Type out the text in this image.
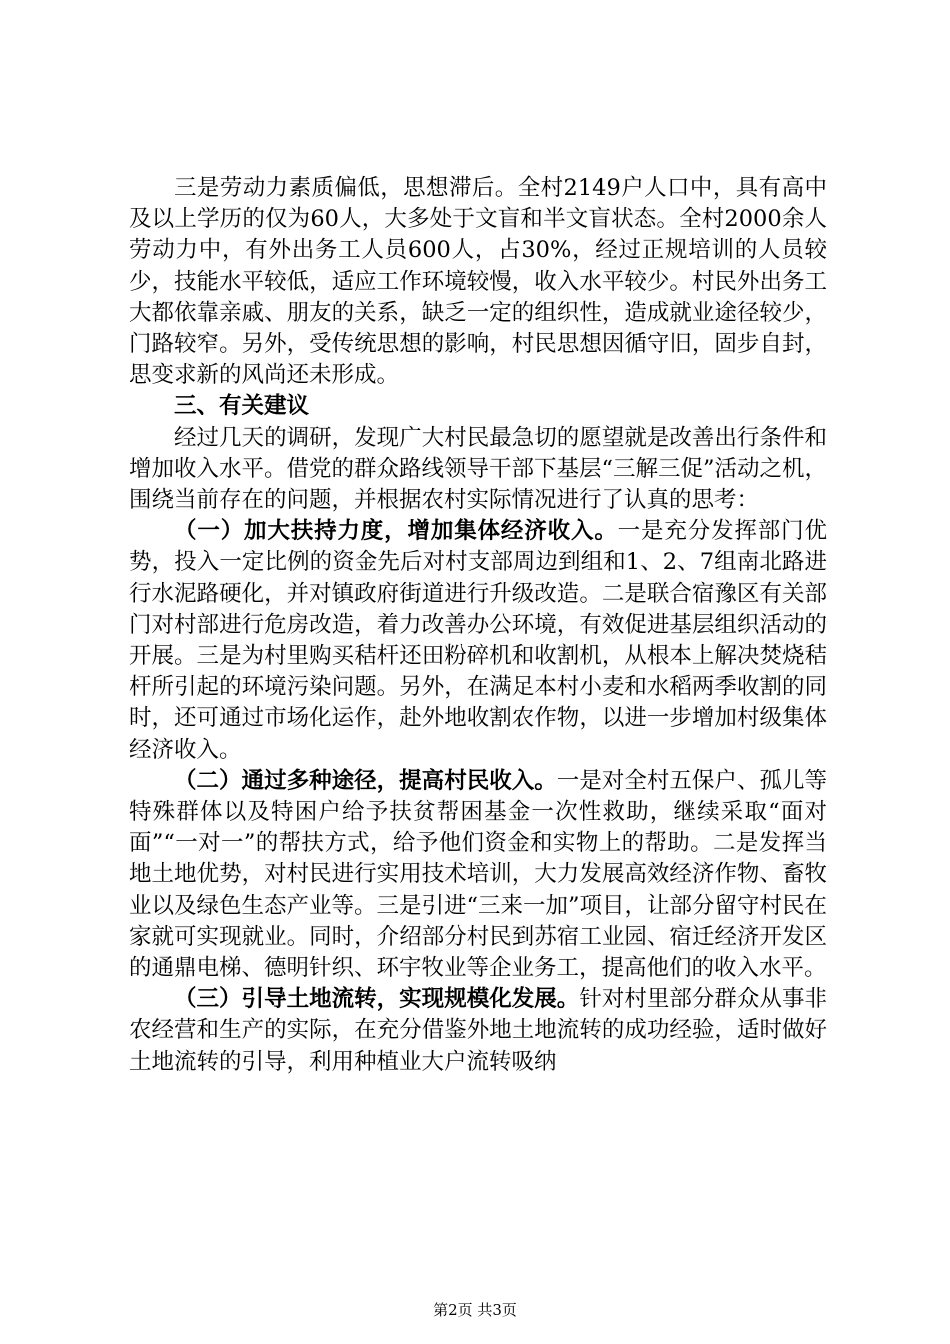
三是劳动力素质偏低，思想滞后。全村2149户人口中，具有高中及以上学历的仅为60人，大多处于文盲和半文盲状态。全村2000余人劳动力中，有外出务工人员600人，占30%，经过正规培训的人员较少，技能水平较低，适应工作环境较慢，收入水平较少。村民外出务工大都依靠亲戚、朋友的关系，缺乏一定的组织性，造成就业途径较少，门路较窄。另外，受传统思想的影响，村民思想因循守旧，固步自封，思变求新的风尚还未形成。

三、有关建议

经过几天的调研，发现广大村民最急切的愿望就是改善出行条件和增加收入水平。借党的群众路线领导干部下基层“三解三促”活动之机，围绕当前存在的问题，并根据农村实际情况进行了认真的思考：

（一）加大扶持力度，增加集体经济收入。一是充分发挥部门优势，投入一定比例的资金先后对村支部周边到组和1、2、7组南北路进行水泥路硬化，并对镇政府街道进行升级改造。二是联合宿豫区有关部门对村部进行危房改造，着力改善办公环境，有效促进基层组织活动的开展。三是为村里购买秸杆还田粉碎机和收割机，从根本上解决焚烧秸杆所引起的环境污染问题。另外，在满足本村小麦和水稻两季收割的同时，还可通过市场化运作，赴外地收割农作物，以进一步增加村级集体经济收入。

（二）通过多种途径，提高村民收入。一是对全村五保户、孤儿等特殊群体以及特困户给予扶贫帮困基金一次性救助，继续采取“面对面”“一对一”的帮扶方式，给予他们资金和实物上的帮助。二是发挥当地土地优势，对村民进行实用技术培训，大力发展高效经济作物、畜牧业以及绿色生态产业等。三是引进“三来一加”项目，让部分留守村民在家就可实现就业。同时，介绍部分村民到苏宿工业园、宿迁经济开发区的通鼎电梯、德明针织、环宇牧业等企业务工，提高他们的收入水平。

（三）引导土地流转，实现规模化发展。针对村里部分群众从事非农经营和生产的实际，在充分借鉴外地土地流转的成功经验，适时做好土地流转的引导，利用种植业大户流转吸纳

第2页 共3页
